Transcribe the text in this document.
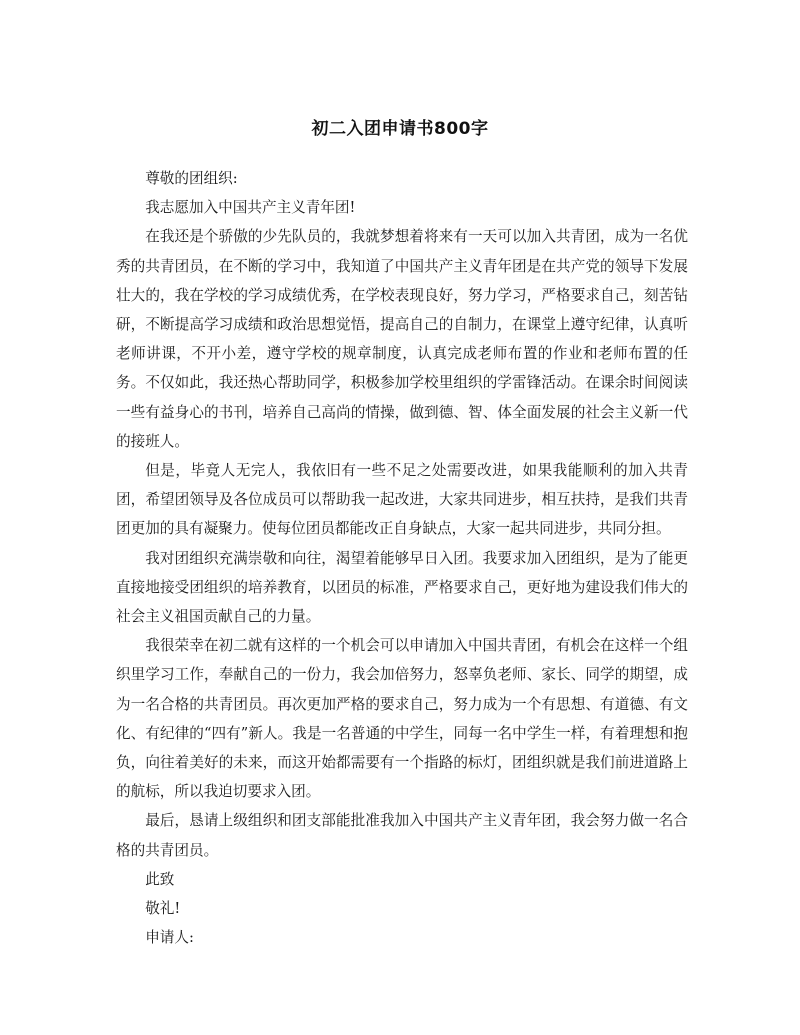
初二入团申请书800字

尊敬的团组织:

我志愿加入中国共产主义青年团!

在我还是个骄傲的少先队员的，我就梦想着将来有一天可以加入共青团，成为一名优秀的共青团员，在不断的学习中，我知道了中国共产主义青年团是在共产党的领导下发展壮大的，我在学校的学习成绩优秀，在学校表现良好，努力学习，严格要求自己，刻苦钻研，不断提高学习成绩和政治思想觉悟，提高自己的自制力，在课堂上遵守纪律，认真听老师讲课，不开小差，遵守学校的规章制度，认真完成老师布置的作业和老师布置的任务。不仅如此，我还热心帮助同学，积极参加学校里组织的学雷锋活动。在课余时间阅读一些有益身心的书刊，培养自己高尚的情操，做到德、智、体全面发展的社会主义新一代的接班人。

但是，毕竟人无完人，我依旧有一些不足之处需要改进，如果我能顺利的加入共青团，希望团领导及各位成员可以帮助我一起改进，大家共同进步，相互扶持，是我们共青团更加的具有凝聚力。使每位团员都能改正自身缺点，大家一起共同进步，共同分担。

我对团组织充满崇敬和向往，渴望着能够早日入团。我要求加入团组织，是为了能更直接地接受团组织的培养教育，以团员的标准，严格要求自己，更好地为建设我们伟大的社会主义祖国贡献自己的力量。

我很荣幸在初二就有这样的一个机会可以申请加入中国共青团，有机会在这样一个组织里学习工作，奉献自己的一份力，我会加倍努力，怒辜负老师、家长、同学的期望，成为一名合格的共青团员。再次更加严格的要求自己，努力成为一个有思想、有道德、有文化、有纪律的“四有”新人。我是一名普通的中学生，同每一名中学生一样，有着理想和抱负，向往着美好的未来，而这开始都需要有一个指路的标灯，团组织就是我们前进道路上的航标，所以我迫切要求入团。

最后，恳请上级组织和团支部能批准我加入中国共产主义青年团，我会努力做一名合格的共青团员。

此致

敬礼!

申请人:
